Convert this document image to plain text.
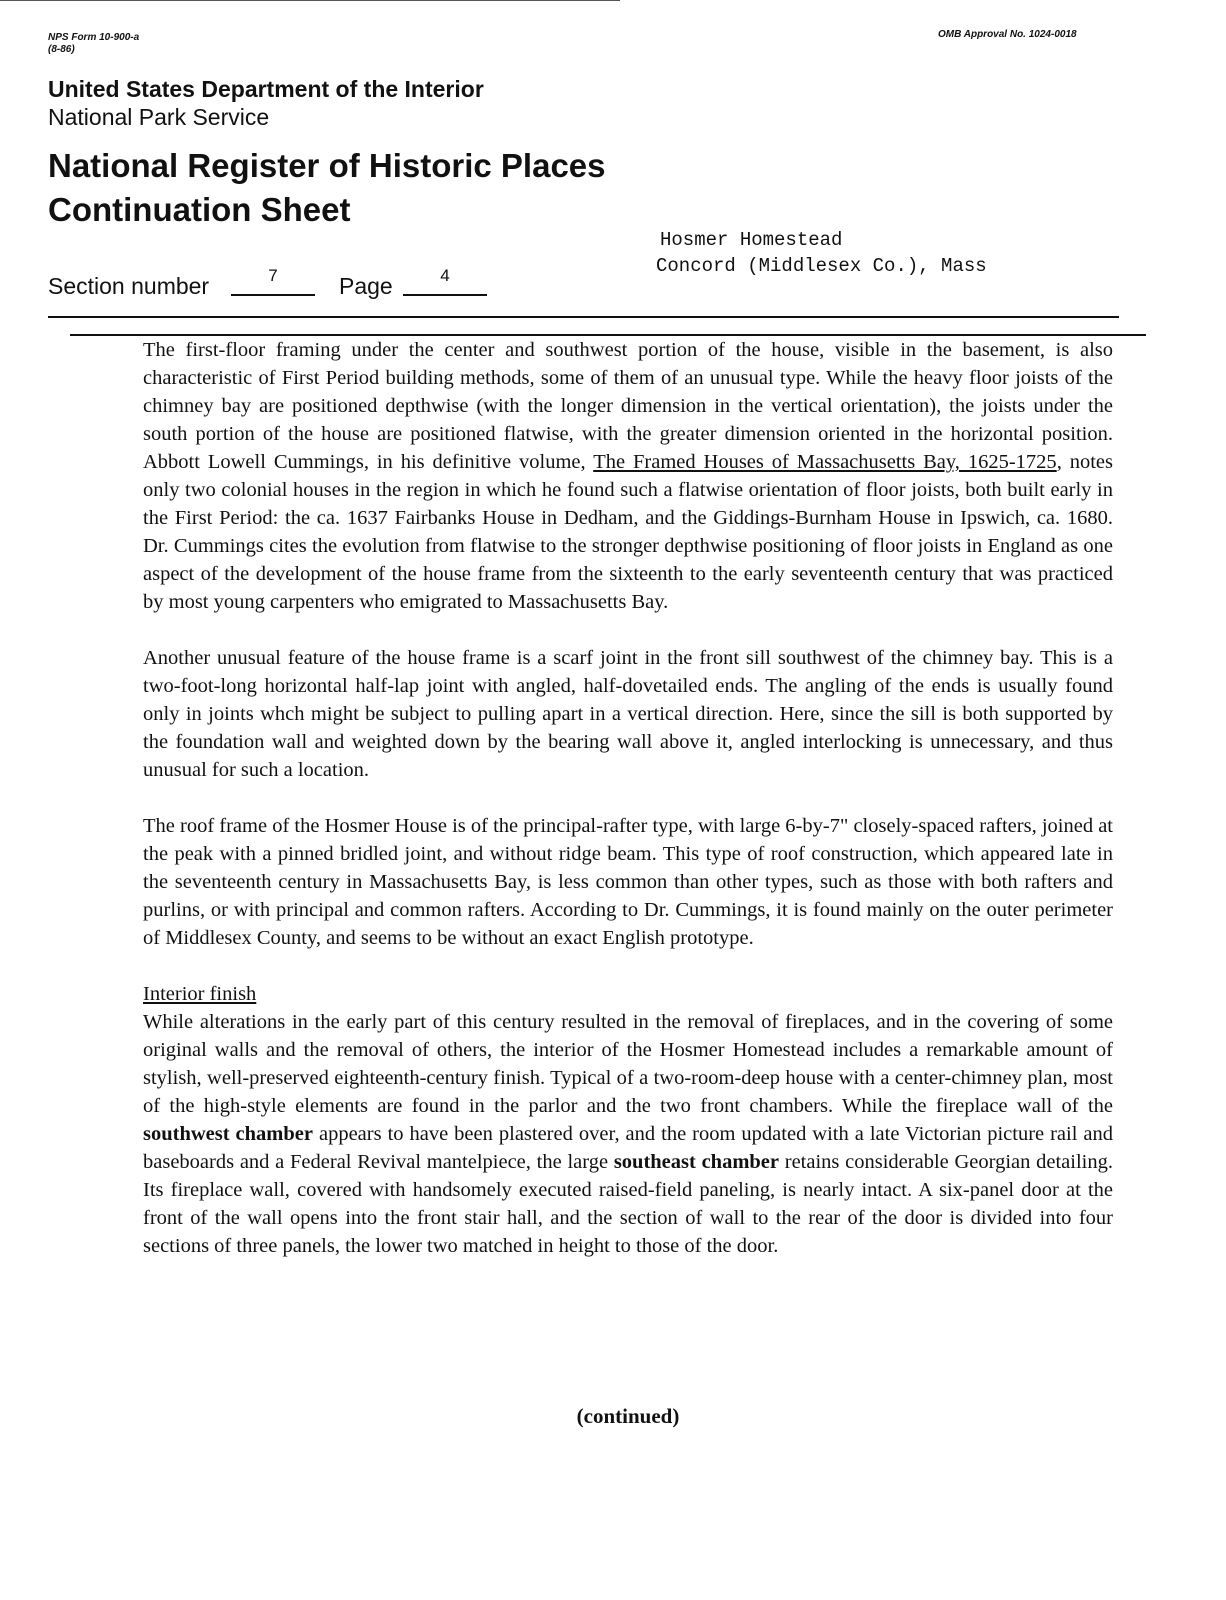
NPS Form 10-900-a
(8-86)
OMB Approval No. 1024-0018
United States Department of the Interior
National Park Service
National Register of Historic Places
Continuation Sheet
Hosmer Homestead
Concord (Middlesex Co.), Mass
Section number	7	Page	4

The first-floor framing under the center and southwest portion of the house, visible in the basement, is also characteristic of First Period building methods, some of them of an unusual type. While the heavy floor joists of the chimney bay are positioned depthwise (with the longer dimension in the vertical orientation), the joists under the south portion of the house are positioned flatwise, with the greater dimension oriented in the horizontal position. Abbott Lowell Cummings, in his definitive volume, The Framed Houses of Massachusetts Bay, 1625-1725, notes only two colonial houses in the region in which he found such a flatwise orientation of floor joists, both built early in the First Period: the ca. 1637 Fairbanks House in Dedham, and the Giddings-Burnham House in Ipswich, ca. 1680. Dr. Cummings cites the evolution from flatwise to the stronger depthwise positioning of floor joists in England as one aspect of the development of the house frame from the sixteenth to the early seventeenth century that was practiced by most young carpenters who emigrated to Massachusetts Bay.

Another unusual feature of the house frame is a scarf joint in the front sill southwest of the chimney bay. This is a two-foot-long horizontal half-lap joint with angled, half-dovetailed ends. The angling of the ends is usually found only in joints whch might be subject to pulling apart in a vertical direction. Here, since the sill is both supported by the foundation wall and weighted down by the bearing wall above it, angled interlocking is unnecessary, and thus unusual for such a location.

The roof frame of the Hosmer House is of the principal-rafter type, with large 6-by-7" closely-spaced rafters, joined at the peak with a pinned bridled joint, and without ridge beam. This type of roof construction, which appeared late in the seventeenth century in Massachusetts Bay, is less common than other types, such as those with both rafters and purlins, or with principal and common rafters. According to Dr. Cummings, it is found mainly on the outer perimeter of Middlesex County, and seems to be without an exact English prototype.

Interior finish

While alterations in the early part of this century resulted in the removal of fireplaces, and in the covering of some original walls and the removal of others, the interior of the Hosmer Homestead includes a remarkable amount of stylish, well-preserved eighteenth-century finish. Typical of a two-room-deep house with a center-chimney plan, most of the high-style elements are found in the parlor and the two front chambers. While the fireplace wall of the southwest chamber appears to have been plastered over, and the room updated with a late Victorian picture rail and baseboards and a Federal Revival mantelpiece, the large southeast chamber retains considerable Georgian detailing. Its fireplace wall, covered with handsomely executed raised-field paneling, is nearly intact. A six-panel door at the front of the wall opens into the front stair hall, and the section of wall to the rear of the door is divided into four sections of three panels, the lower two matched in height to those of the door.

(continued)
